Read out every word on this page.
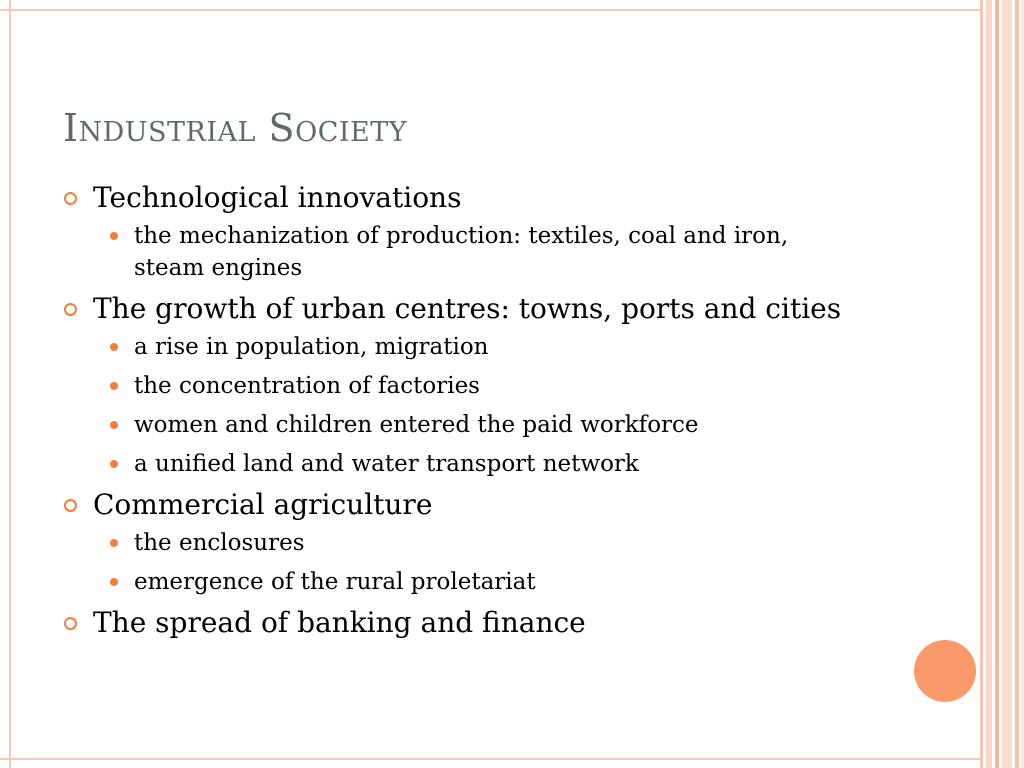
Industrial Society
Technological innovations
the mechanization of production: textiles, coal and iron, steam engines
The growth of urban centres: towns, ports and cities
a rise in population, migration
the concentration of factories
women and children entered the paid workforce
a unified land and water transport network
Commercial agriculture
the enclosures
emergence of the rural proletariat
The spread of banking and finance
